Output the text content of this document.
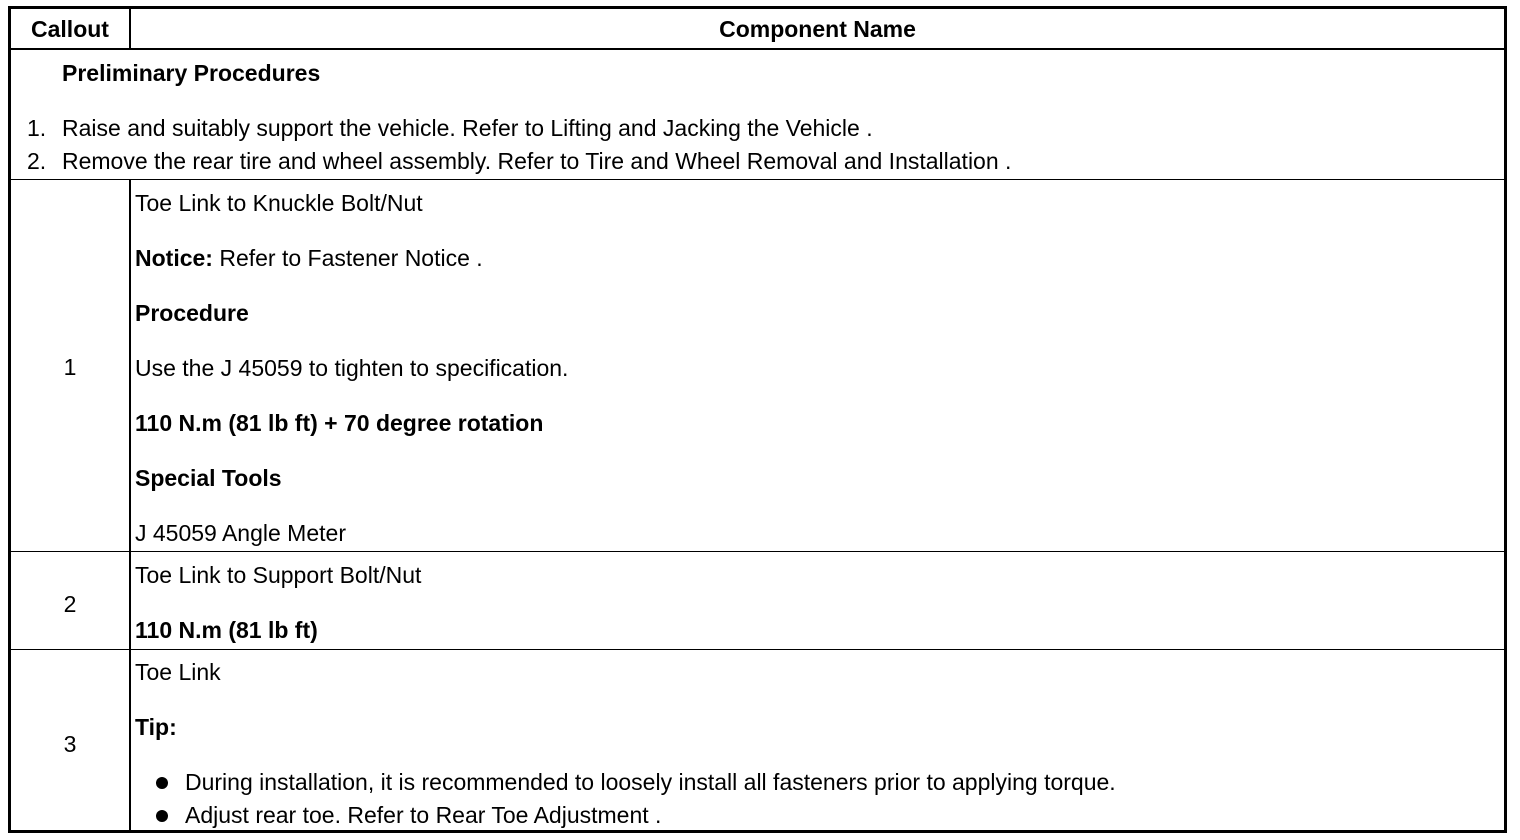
Callout	Component Name
Preliminary Procedures
1. Raise and suitably support the vehicle. Refer to Lifting and Jacking the Vehicle .
2. Remove the rear tire and wheel assembly. Refer to Tire and Wheel Removal and Installation .
1
Toe Link to Knuckle Bolt/Nut
Notice: Refer to Fastener Notice .
Procedure
Use the J 45059 to tighten to specification.
110 N.m (81 lb ft) + 70 degree rotation
Special Tools
J 45059 Angle Meter
2
Toe Link to Support Bolt/Nut
110 N.m (81 lb ft)
3
Toe Link
Tip:
During installation, it is recommended to loosely install all fasteners prior to applying torque.
Adjust rear toe. Refer to Rear Toe Adjustment .
